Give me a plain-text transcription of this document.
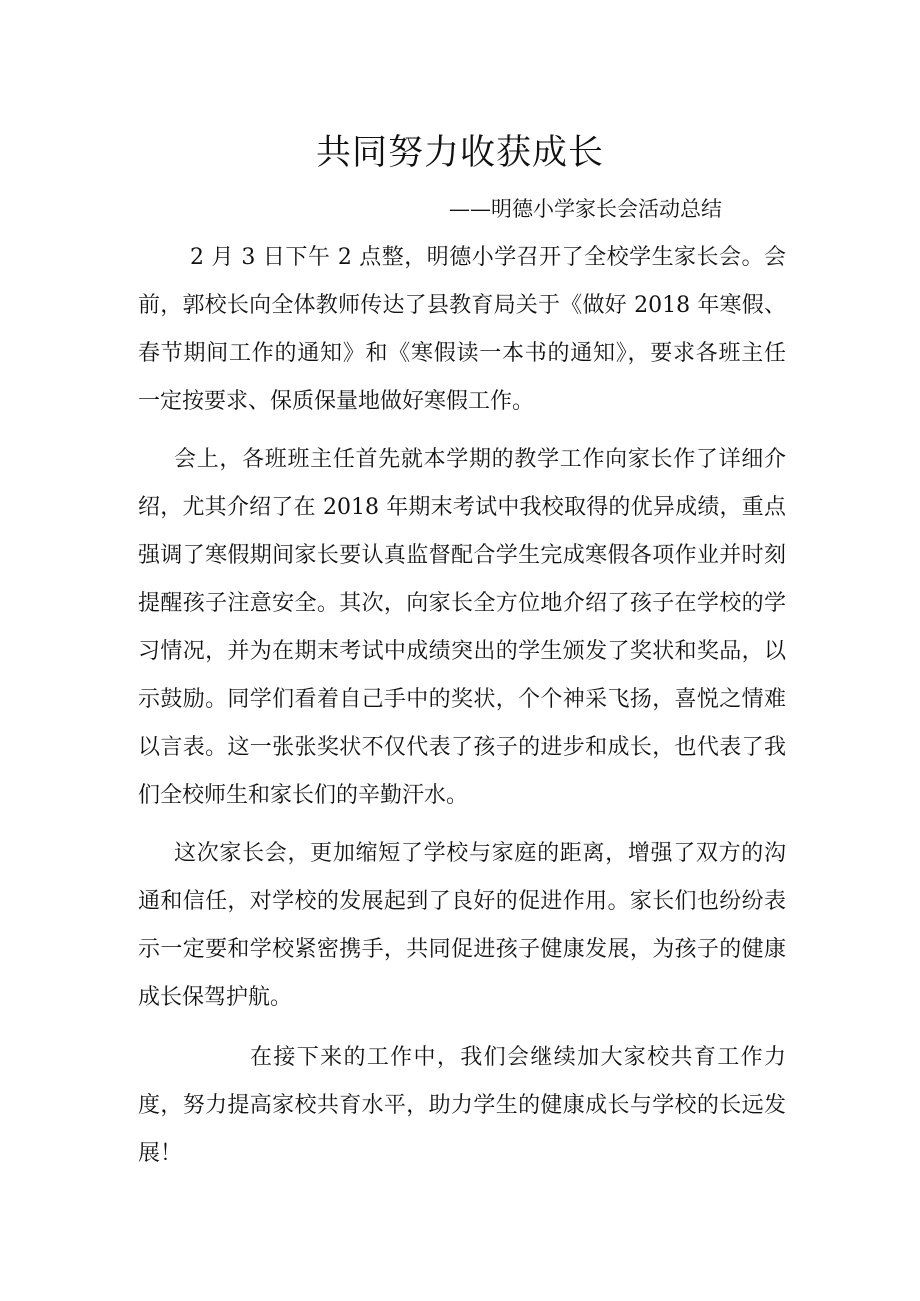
共同努力收获成长

——明德小学家长会活动总结

2 月 3 日下午 2 点整，明德小学召开了全校学生家长会。会前，郭校长向全体教师传达了县教育局关于《做好 2018 年寒假、春节期间工作的通知》和《寒假读一本书的通知》，要求各班主任一定按要求、保质保量地做好寒假工作。

会上，各班班主任首先就本学期的教学工作向家长作了详细介绍，尤其介绍了在 2018 年期末考试中我校取得的优异成绩，重点强调了寒假期间家长要认真监督配合学生完成寒假各项作业并时刻提醒孩子注意安全。其次，向家长全方位地介绍了孩子在学校的学习情况，并为在期末考试中成绩突出的学生颁发了奖状和奖品，以示鼓励。同学们看着自己手中的奖状，个个神采飞扬，喜悦之情难以言表。这一张张奖状不仅代表了孩子的进步和成长，也代表了我们全校师生和家长们的辛勤汗水。

这次家长会，更加缩短了学校与家庭的距离，增强了双方的沟通和信任，对学校的发展起到了良好的促进作用。家长们也纷纷表示一定要和学校紧密携手，共同促进孩子健康发展，为孩子的健康成长保驾护航。

在接下来的工作中，我们会继续加大家校共育工作力度，努力提高家校共育水平，助力学生的健康成长与学校的长远发展！
